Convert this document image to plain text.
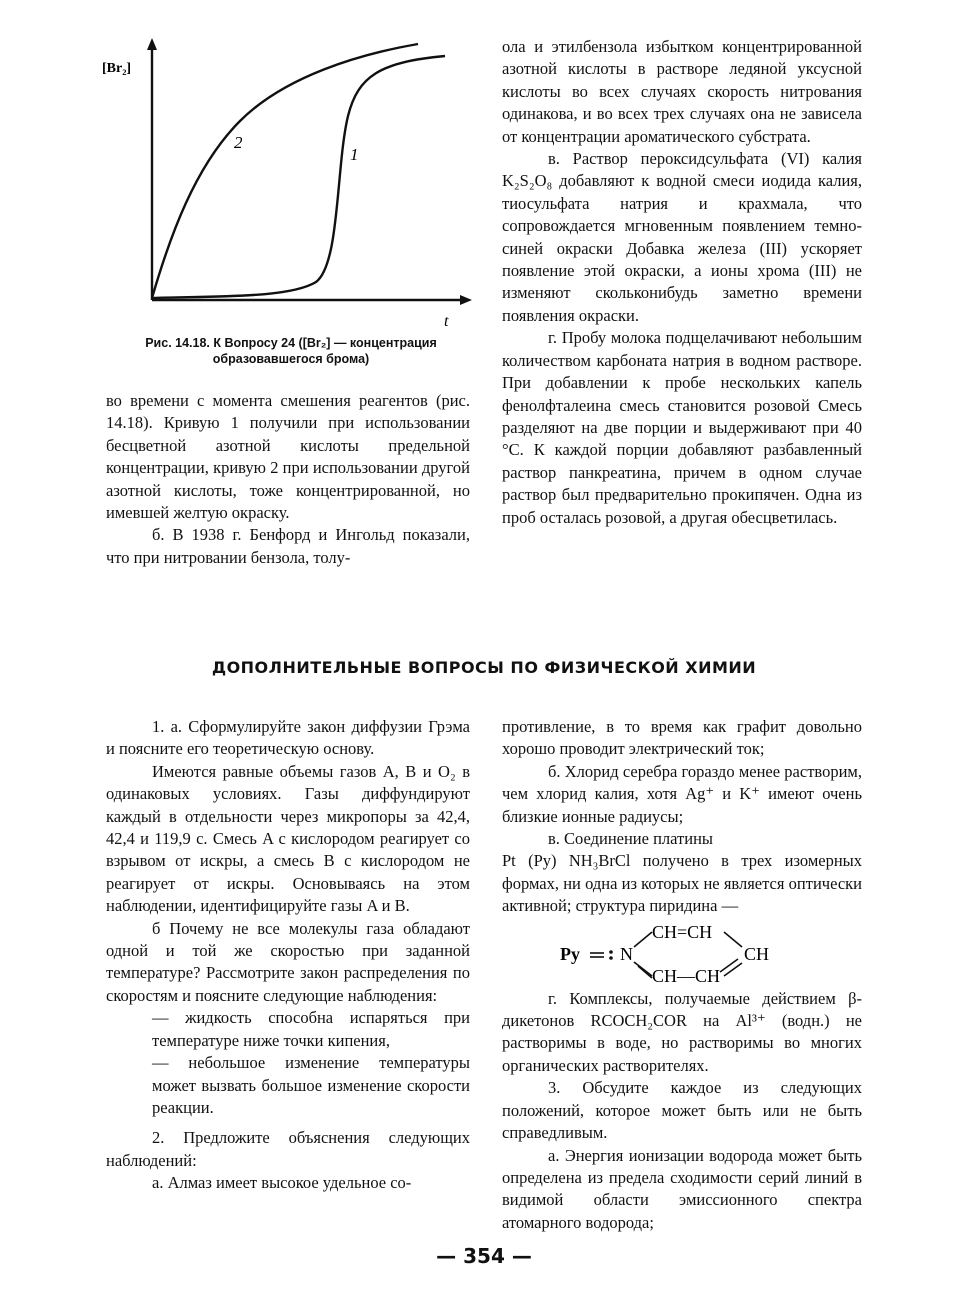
[Br₂]
t
2
1
Рис. 14.18. К Вопросу 24 ([Br₂] — концентрация образовавшегося брома)

во времени с момента смешения реагентов (рис. 14.18). Кривую 1 получили при использовании бесцветной азотной кислоты предельной концентрации, кривую 2 при использовании другой азотной кислоты, тоже концентрированной, но имевшей желтую окраску.

б. В 1938 г. Бенфорд и Ингольд показали, что при нитровании бензола, толу-

ола и этилбензола избытком концентрированной азотной кислоты в растворе ледяной уксусной кислоты во всех случаях скорость нитрования одинакова, и во всех трех случаях она не зависела от концентрации ароматического субстрата.

в. Раствор пероксидсульфата (VI) калия K₂S₂O₈ добавляют к водной смеси иодида калия, тиосульфата натрия и крахмала, что сопровождается мгновенным появлением темно-синей окраски Добавка железа (III) ускоряет появление этой окраски, а ионы хрома (III) не изменяют скольконибудь заметно времени появления окраски.

г. Пробу молока подщелачивают небольшим количеством карбоната натрия в водном растворе. При добавлении к пробе нескольких капель фенолфталеина смесь становится розовой Смесь разделяют на две порции и выдерживают при 40 °С. К каждой порции добавляют разбавленный раствор панкреатина, причем в одном случае раствор был предварительно прокипячен. Одна из проб осталась розовой, а другая обесцветилась.

ДОПОЛНИТЕЛЬНЫЕ ВОПРОСЫ ПО ФИЗИЧЕСКОЙ ХИМИИ

1. а. Сформулируйте закон диффузии Грэма и поясните его теоретическую основу.

Имеются равные объемы газов A, B и O₂ в одинаковых условиях. Газы диффундируют каждый в отдельности через микропоры за 42,4, 42,4 и 119,9 с. Смесь A с кислородом реагирует со взрывом от искры, а смесь B с кислородом не реагирует от искры. Основываясь на этом наблюдении, идентифицируйте газы A и B.

б Почему не все молекулы газа обладают одной и той же скоростью при заданной температуре? Рассмотрите закон распределения по скоростям и поясните следующие наблюдения:

— жидкость способна испаряться при температуре ниже точки кипения,

— небольшое изменение температуры может вызвать большое изменение скорости реакции.

2. Предложите объяснения следующих наблюдений:

а. Алмаз имеет высокое удельное со-

противление, в то время как графит довольно хорошо проводит электрический ток;

б. Хлорид серебра гораздо менее растворим, чем хлорид калия, хотя Ag⁺ и K⁺ имеют очень близкие ионные радиусы;

в. Соединение платины

Pt (Py) NH₃BrCl получено в трех изомерных формах, ни одна из которых не является оптически активной; структура пиридина —

Py N
CH=CH
CH
CH—CH

г. Комплексы, получаемые действием β-дикетонов RCOCH₂COR на Al³⁺ (водн.) не растворимы в воде, но растворимы во многих органических растворителях.

3. Обсудите каждое из следующих положений, которое может быть или не быть справедливым.

а. Энергия ионизации водорода может быть определена из предела сходимости серий линий в видимой области эмиссионного спектра атомарного водорода;

— 354 —
